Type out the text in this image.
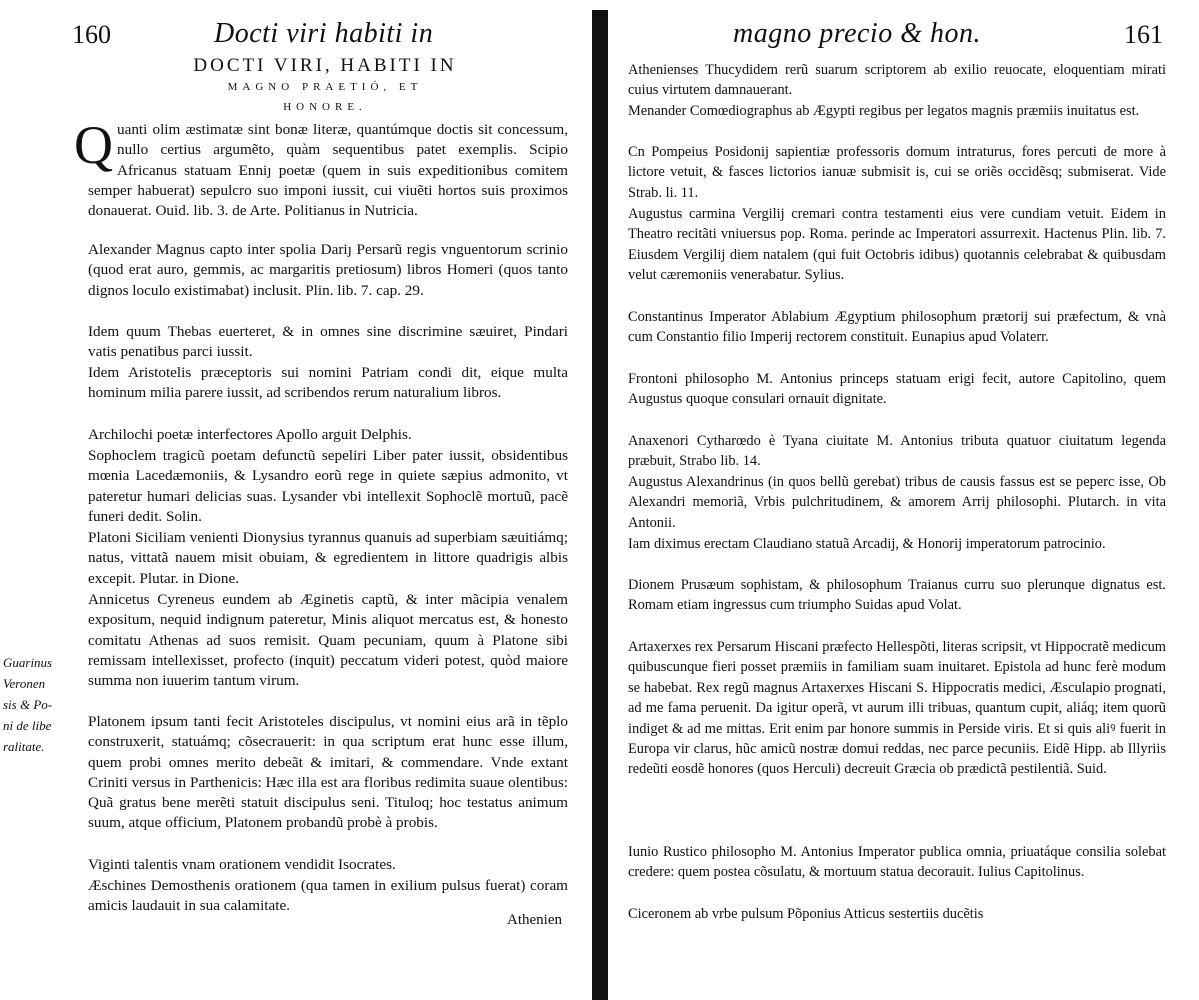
160	Docti viri habiti in
DOCTI VIRI, HABITI IN
MAGNO PRAETIÓ, ET
HONORE.
Quanti olim æstimatæ sint bonæ literæ, quantúmque doctis sit concessum, nullo certius argumẽto, quàm sequentibus patet exemplis. Scipio Africanus statuam Enniȷ poetæ (quem in suis expeditionibus comitem semper habuerat) sepulcro suo imponi iussit, cui viuẽti hortos suis proximos donauerat. Ouid. lib. 3. de Arte. Politianus in Nutricia.
Alexander Magnus capto inter spolia Dariȷ Persarũ regis vnguentorum scrinio (quod erat auro, gemmis, ac margaritis pretiosum) libros Homeri (quos tanto dignos loculo existimabat) inclusit. Plin. lib. 7. cap. 29.
Idem quum Thebas euerteret, & in omnes sine discrimine sæuiret, Pindari vatis penatibus parci iussit.
Idem Aristotelis præceptoris sui nomini Patriam condi dit, eique multa hominum milia parere iussit, ad scribendos rerum naturalium libros.
Archilochi poetæ interfectores Apollo arguit Delphis.
Sophoclem tragicũ poetam defunctũ sepeliri Liber pater iussit, obsidentibus mœnia Lacedæmoniis, & Lysandro eorũ rege in quiete sæpius admonito, vt pateretur humari delicias suas. Lysander vbi intellexit Sophoclẽ mortuũ, pacẽ funeri dedit. Solin.
Platoni Siciliam venienti Dionysius tyrannus quanuis ad superbiam sæuitiámq; natus, vittatã nauem misit obuiam, & egredientem in littore quadrigis albis excepit. Plutar. in Dione.
Annicetus Cyreneus eundem ab Æginetis captũ, & inter mãcipia venalem expositum, nequid indignum pateretur, Minis aliquot mercatus est, & honesto comitatu Athenas ad suos remisit. Quam pecuniam, quum à Platone sibi remissam intellexisset, profecto (inquit) peccatum videri potest, quòd maiore summa non iuuerim tantum virum.
Platonem ipsum tanti fecit Aristoteles discipulus, vt nomini eius arã in tẽplo construxerit, statuámq; cõsecrauerit: in qua scriptum erat hunc esse illum, quem probi omnes merito debeãt & imitari, & commendare. Vnde extant Criniti versus in Parthenicis: Hæc illa est ara floribus redimita suaue olentibus: Quã gratus bene merẽti statuit discipulus seni. Tituloq; hoc testatus animum suum, atque officium, Platonem probandũ probè à probis.
Viginti talentis vnam orationem vendidit Isocrates.
Æschines Demosthenis orationem (qua tamen in exilium pulsus fuerat) coram amicis laudauit in sua calamitate.
Athenien
Guarinus
Veronen
sis & Po-
ni de libe
ralitate.
magno precio & hon.	161
Athenienses Thucydidem rerũ suarum scriptorem ab exilio reuocate, eloquentiam mirati cuius virtutem damnauerant.
Menander Comœdiographus ab Ægypti regibus per legatos magnis præmiis inuitatus est.
Cn Pompeius Posidonij sapientiæ professoris domum intraturus, fores percuti de more à lictore vetuit, & fasces lictorios ianuæ submisit is, cui se oriẽs occidẽsq; submiserat. Vide Strab. li. 11.
Augustus carmina Vergilij cremari contra testamenti eius vere cundiam vetuit. Eidem in Theatro recitãti vniuersus pop. Roma. perinde ac Imperatori assurrexit. Hactenus Plin. lib. 7. Eiusdem Vergilij diem natalem (qui fuit Octobris idibus) quotannis celebrabat & quibusdam velut cæremoniis venerabatur. Sylius.
Constantinus Imperator Ablabium Ægyptium philosophum prætorij sui præfectum, & vnà cum Constantio filio Imperij rectorem constituit. Eunapius apud Volaterr.
Frontoni philosopho M. Antonius princeps statuam erigi fecit, autore Capitolino, quem Augustus quoque consulari ornauit dignitate.
Anaxenori Cytharœdo è Tyana ciuitate M. Antonius tributa quatuor ciuitatum legenda præbuit, Strabo lib. 14.
Augustus Alexandrinus (in quos bellũ gerebat) tribus de causis fassus est se peperc isse, Ob Alexandri memoriã, Vrbis pulchritudinem, & amorem Arrij philosophi. Plutarch. in vita Antonii.
Iam diximus erectam Claudiano statuã Arcadij, & Honorij imperatorum patrocinio.
Dionem Prusæum sophistam, & philosophum Traianus curru suo plerunque dignatus est. Romam etiam ingressus cum triumpho Suidas apud Volat.
Artaxerxes rex Persarum Hiscani præfecto Hellespõti, literas scripsit, vt Hippocratẽ medicum quibuscunque fieri posset præmiis in familiam suam inuitaret. Epistola ad hunc ferè modum se habebat. Rex regũ magnus Artaxerxes Hiscani S. Hippocratis medici, Æsculapio prognati, ad me fama peruenit. Da igitur operã, vt aurum illi tribuas, quantum cupit, aliáq; item quorũ indiget & ad me mittas. Erit enim par honore summis in Perside viris. Et si quis aliꝰ fuerit in Europa vir clarus, hũc amicũ nostræ domui reddas, nec parce pecuniis. Eidẽ Hipp. ab Illyriis redeũti eosdẽ honores (quos Herculi) decreuit Græcia ob prædictã pestilentiã. Suid.
Iunio Rustico philosopho M. Antonius Imperator publica omnia, priuatáque consilia solebat credere: quem postea cõsulatu, & mortuum statua decorauit. Iulius Capitolinus.
Ciceronem ab vrbe pulsum Põponius Atticus sestertiis ducẽtis
